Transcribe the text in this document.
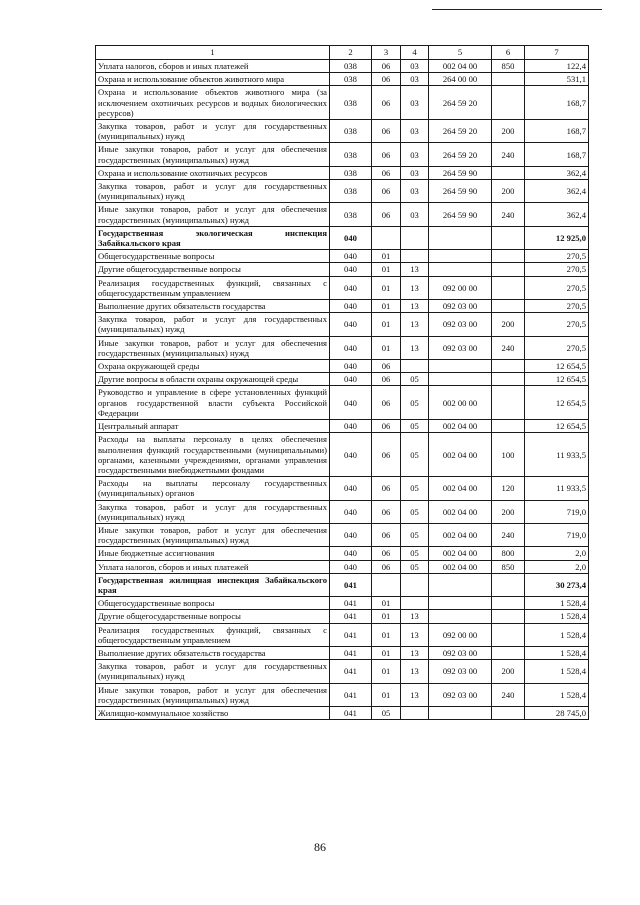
1	2	3	4	5	6	7
Уплата налогов, сборов и иных платежей	038	06	03	002 04 00	850	122,4
Охрана и использование объектов животного мира	038	06	03	264 00 00		531,1
Охрана и использование объектов животного мира (за исключением охотничьих ресурсов и водных биологических ресурсов)	038	06	03	264 59 20		168,7
Закупка товаров, работ и услуг для государственных (муниципальных) нужд	038	06	03	264 59 20	200	168,7
Иные закупки товаров, работ и услуг для обеспечения государственных (муниципальных) нужд	038	06	03	264 59 20	240	168,7
Охрана и использование охотничьих ресурсов	038	06	03	264 59 90		362,4
Закупка товаров, работ и услуг для государственных (муниципальных) нужд	038	06	03	264 59 90	200	362,4
Иные закупки товаров, работ и услуг для обеспечения государственных (муниципальных) нужд	038	06	03	264 59 90	240	362,4
Государственная экологическая инспекция Забайкальского края	040					12 925,0
Общегосударственные вопросы	040	01				270,5
Другие общегосударственные вопросы	040	01	13			270,5
Реализация государственных функций, связанных с общегосударственным управлением	040	01	13	092 00 00		270,5
Выполнение других обязательств государства	040	01	13	092 03 00		270,5
Закупка товаров, работ и услуг для государственных (муниципальных) нужд	040	01	13	092 03 00	200	270,5
Иные закупки товаров, работ и услуг для обеспечения государственных (муниципальных) нужд	040	01	13	092 03 00	240	270,5
Охрана окружающей среды	040	06				12 654,5
Другие вопросы в области охраны окружающей среды	040	06	05			12 654,5
Руководство и управление в сфере установленных функций органов государственной власти субъекта Российской Федерации	040	06	05	002 00 00		12 654,5
Центральный аппарат	040	06	05	002 04 00		12 654,5
Расходы на выплаты персоналу в целях обеспечения выполнения функций государственными (муниципальными) органами, казенными учреждениями, органами управления государственными внебюджетными фондами	040	06	05	002 04 00	100	11 933,5
Расходы на выплаты персоналу государственных (муниципальных) органов	040	06	05	002 04 00	120	11 933,5
Закупка товаров, работ и услуг для государственных (муниципальных) нужд	040	06	05	002 04 00	200	719,0
Иные закупки товаров, работ и услуг для обеспечения государственных (муниципальных) нужд	040	06	05	002 04 00	240	719,0
Иные бюджетные ассигнования	040	06	05	002 04 00	800	2,0
Уплата налогов, сборов и иных платежей	040	06	05	002 04 00	850	2,0
Государственная жилищная инспекция Забайкальского края	041					30 273,4
Общегосударственные вопросы	041	01				1 528,4
Другие общегосударственные вопросы	041	01	13			1 528,4
Реализация государственных функций, связанных с общегосударственным управлением	041	01	13	092 00 00		1 528,4
Выполнение других обязательств государства	041	01	13	092 03 00		1 528,4
Закупка товаров, работ и услуг для государственных (муниципальных) нужд	041	01	13	092 03 00	200	1 528,4
Иные закупки товаров, работ и услуг для обеспечения государственных (муниципальных) нужд	041	01	13	092 03 00	240	1 528,4
Жилищно-коммунальное хозяйство	041	05				28 745,0
86
